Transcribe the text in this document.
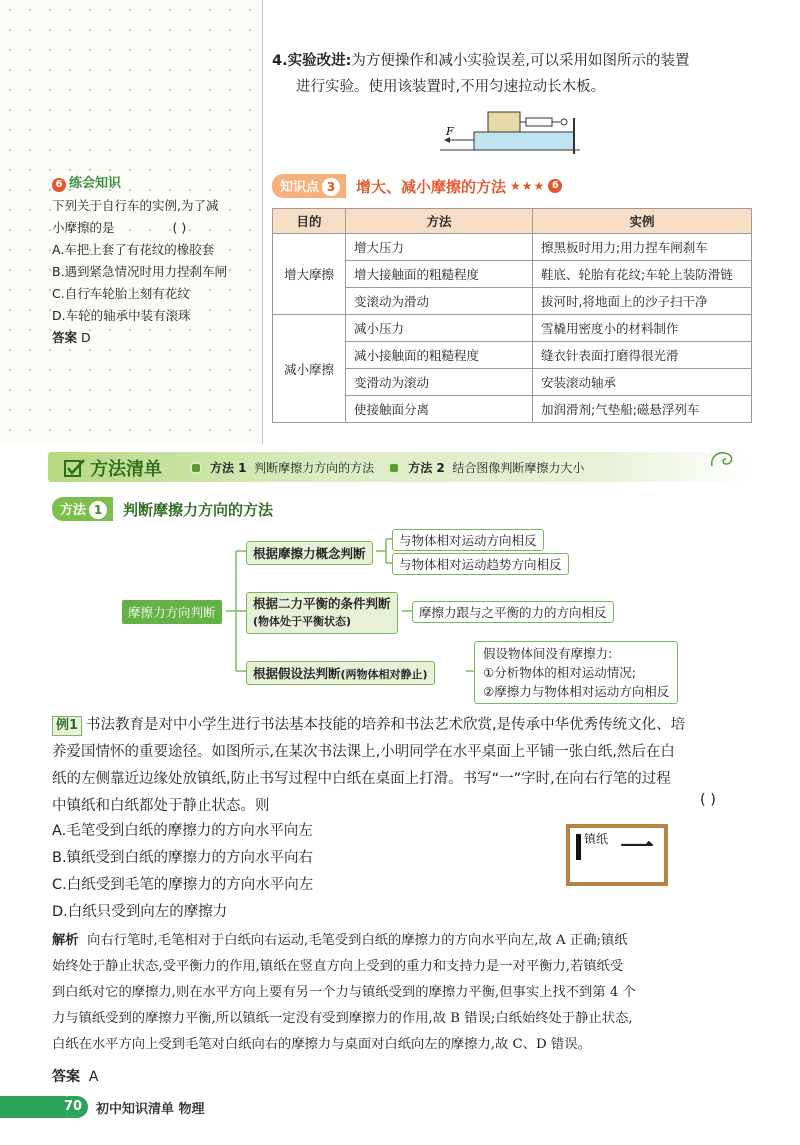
6 练会知识
下列关于自行车的实例,为了减
小摩擦的是	( )
A.车把上套了有花纹的橡胶套
B.遇到紧急情况时用力捏刹车闸
C.自行车轮胎上刻有花纹
D.车轮的轴承中装有滚珠
答案 D
4.实验改进:为方便操作和减小实验误差,可以采用如图所示的装置
进行实验。使用该装置时,不用匀速拉动长木板。
F
知识点 3	增大、减小摩擦的方法 ★★★ 6
目的	方法	实例
增大摩擦	增大压力	擦黑板时用力;用力捏车闸刹车
	增大接触面的粗糙程度	鞋底、轮胎有花纹;车轮上装防滑链
	变滚动为滑动	拔河时,将地面上的沙子扫干净
减小摩擦	减小压力	雪橇用密度小的材料制作
	减小接触面的粗糙程度	缝衣针表面打磨得很光滑
	变滑动为滚动	安装滚动轴承
	使接触面分离	加润滑剂;气垫船;磁悬浮列车
方法清单	方法 1 判断摩擦力方向的方法	方法 2 结合图像判断摩擦力大小
方法 1	判断摩擦力方向的方法
摩擦力方向判断
根据摩擦力概念判断
与物体相对运动方向相反
与物体相对运动趋势方向相反
根据二力平衡的条件判断
(物体处于平衡状态)
摩擦力跟与之平衡的力的方向相反
根据假设法判断(两物体相对静止)
假设物体间没有摩擦力:
①分析物体的相对运动情况;
②摩擦力与物体相对运动方向相反
例1 书法教育是对中小学生进行书法基本技能的培养和书法艺术欣赏,是传承中华优秀传统文化、培
养爱国情怀的重要途径。如图所示,在某次书法课上,小明同学在水平桌面上平铺一张白纸,然后在白
纸的左侧靠近边缘处放镇纸,防止书写过程中白纸在桌面上打滑。书写“一”字时,在向右行笔的过程
中镇纸和白纸都处于静止状态。则	( )
A.毛笔受到白纸的摩擦力的方向水平向左
B.镇纸受到白纸的摩擦力的方向水平向右
C.白纸受到毛笔的摩擦力的方向水平向左
D.白纸只受到向左的摩擦力
镇纸 一
解析 向右行笔时,毛笔相对于白纸向右运动,毛笔受到白纸的摩擦力的方向水平向左,故 A 正确;镇纸
始终处于静止状态,受平衡力的作用,镇纸在竖直方向上受到的重力和支持力是一对平衡力,若镇纸受
到白纸对它的摩擦力,则在水平方向上要有另一个力与镇纸受到的摩擦力平衡,但事实上找不到第 4 个
力与镇纸受到的摩擦力平衡,所以镇纸一定没有受到摩擦力的作用,故 B 错误;白纸始终处于静止状态,
白纸在水平方向上受到毛笔对白纸向右的摩擦力与桌面对白纸向左的摩擦力,故 C、D 错误。
答案 A
70	初中知识清单 物理
